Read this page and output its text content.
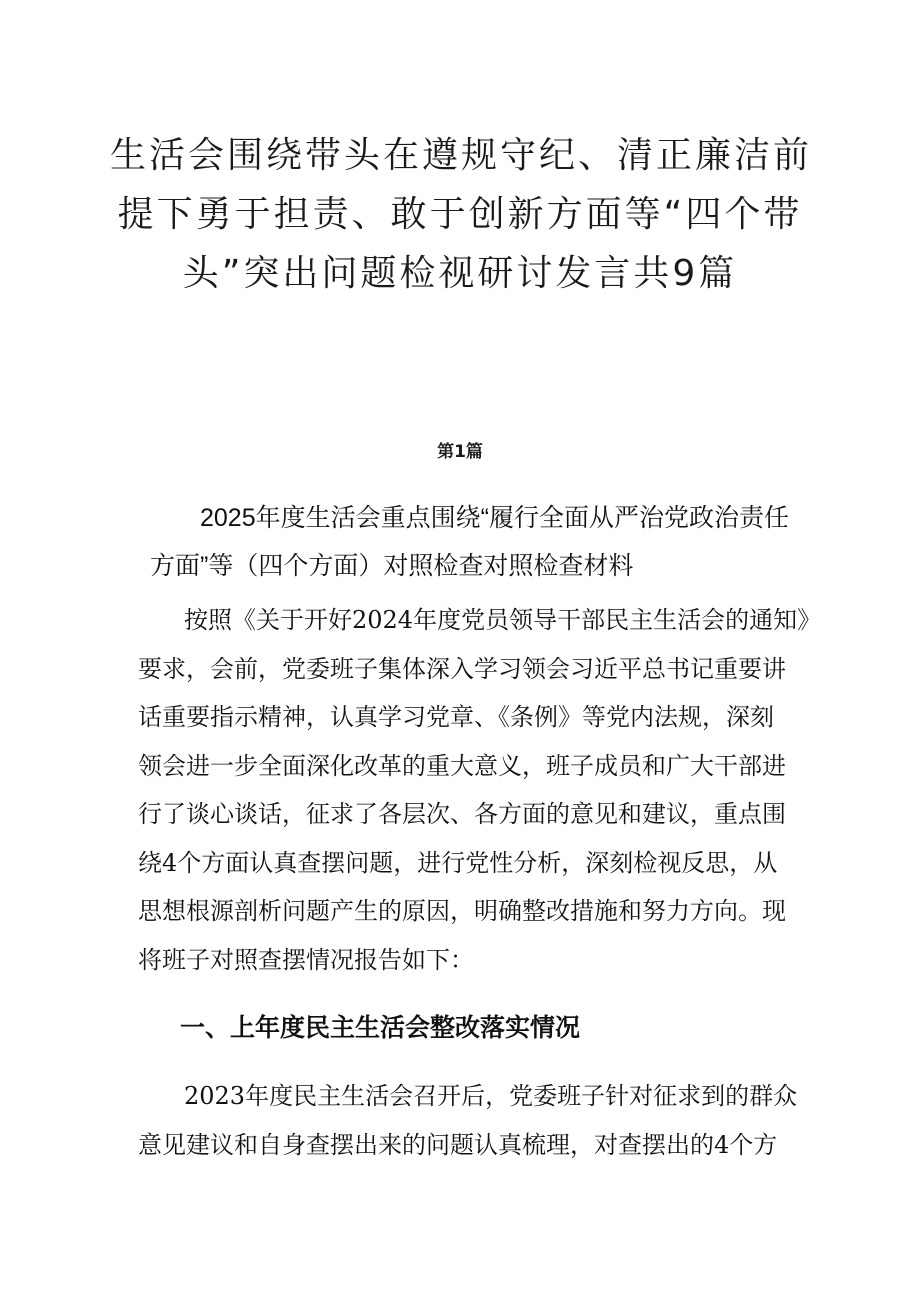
生活会围绕带头在遵规守纪、清正廉洁前
提下勇于担责、敢于创新方面等“四个带
头”突出问题检视研讨发言共9篇
第1篇
2025年度生活会重点围绕“履行全面从严治党政治责任
方面”等（四个方面）对照检查对照检查材料
按照《关于开好2024年度党员领导干部民主生活会的通知》
要求，会前，党委班子集体深入学习领会习近平总书记重要讲
话重要指示精神，认真学习党章、《条例》等党内法规，深刻
领会进一步全面深化改革的重大意义，班子成员和广大干部进
行了谈心谈话，征求了各层次、各方面的意见和建议，重点围
绕4个方面认真查摆问题，进行党性分析，深刻检视反思，从
思想根源剖析问题产生的原因，明确整改措施和努力方向。现
将班子对照查摆情况报告如下：
一、上年度民主生活会整改落实情况
2023年度民主生活会召开后，党委班子针对征求到的群众
意见建议和自身查摆出来的问题认真梳理，对查摆出的4个方
